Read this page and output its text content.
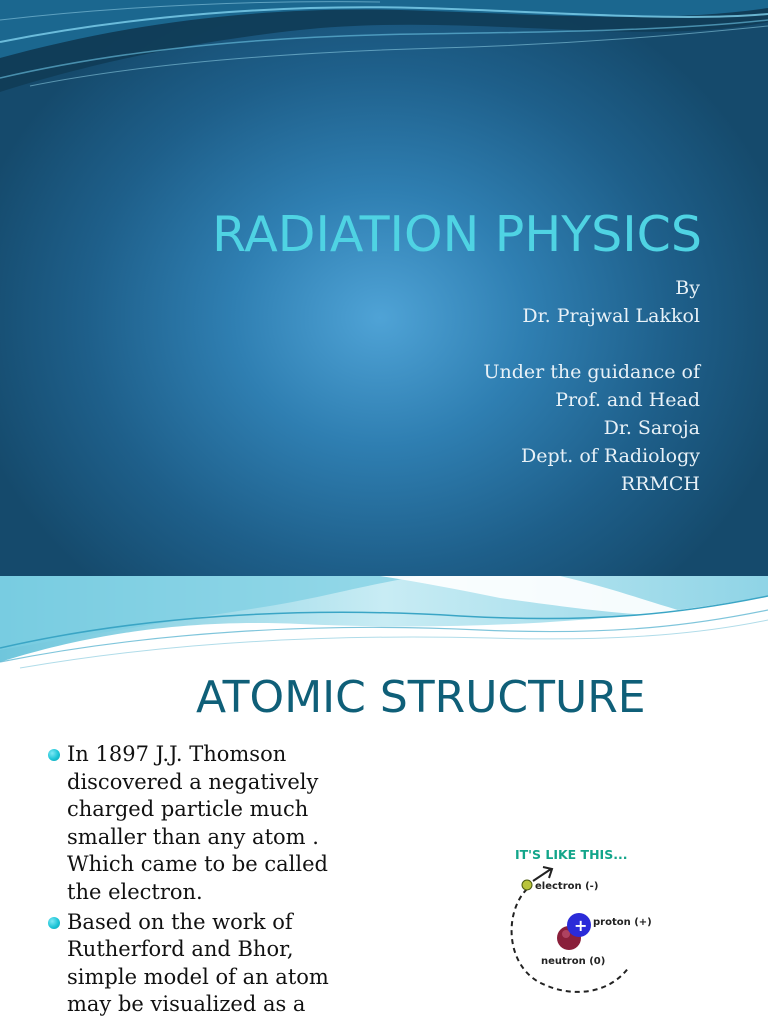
RADIATION PHYSICS
By
Dr. Prajwal Lakkol
Under the guidance of
Prof. and Head
Dr. Saroja
Dept. of Radiology
RRMCH
ATOMIC STRUCTURE
In 1897 J.J. Thomson discovered a negatively charged particle much smaller than any atom . Which came to be called the electron.
Based on the work of Rutherford and Bhor, simple model of an atom may be visualized as a
IT'S LIKE THIS...
electron (-)
+ proton (+)
neutron (0)
